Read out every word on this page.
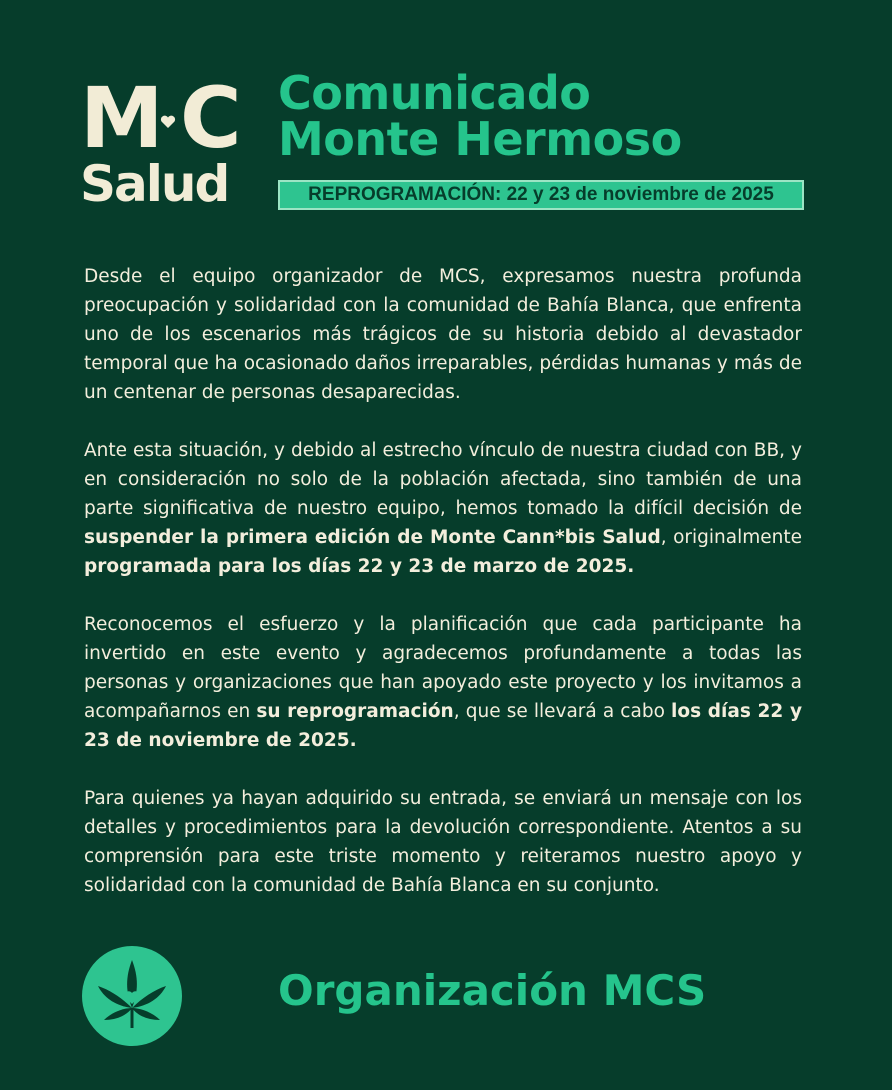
M C
Salud
Comunicado
Monte Hermoso
REPROGRAMACIÓN: 22 y 23 de noviembre de 2025

Desde el equipo organizador de MCS, expresamos nuestra profunda preocupación y solidaridad con la comunidad de Bahía Blanca, que enfrenta uno de los escenarios más trágicos de su historia debido al devastador temporal que ha ocasionado daños irreparables, pérdidas humanas y más de un centenar de personas desaparecidas.

Ante esta situación, y debido al estrecho vínculo de nuestra ciudad con BB, y en consideración no solo de la población afectada, sino también de una parte significativa de nuestro equipo, hemos tomado la difícil decisión de suspender la primera edición de Monte Cann*bis Salud, originalmente programada para los días 22 y 23 de marzo de 2025.

Reconocemos el esfuerzo y la planificación que cada participante ha invertido en este evento y agradecemos profundamente a todas las personas y organizaciones que han apoyado este proyecto y los invitamos a acompañarnos en su reprogramación, que se llevará a cabo los días 22 y 23 de noviembre de 2025.

Para quienes ya hayan adquirido su entrada, se enviará un mensaje con los detalles y procedimientos para la devolución correspondiente. Atentos a su comprensión para este triste momento y reiteramos nuestro apoyo y solidaridad con la comunidad de Bahía Blanca en su conjunto.

Organización MCS
